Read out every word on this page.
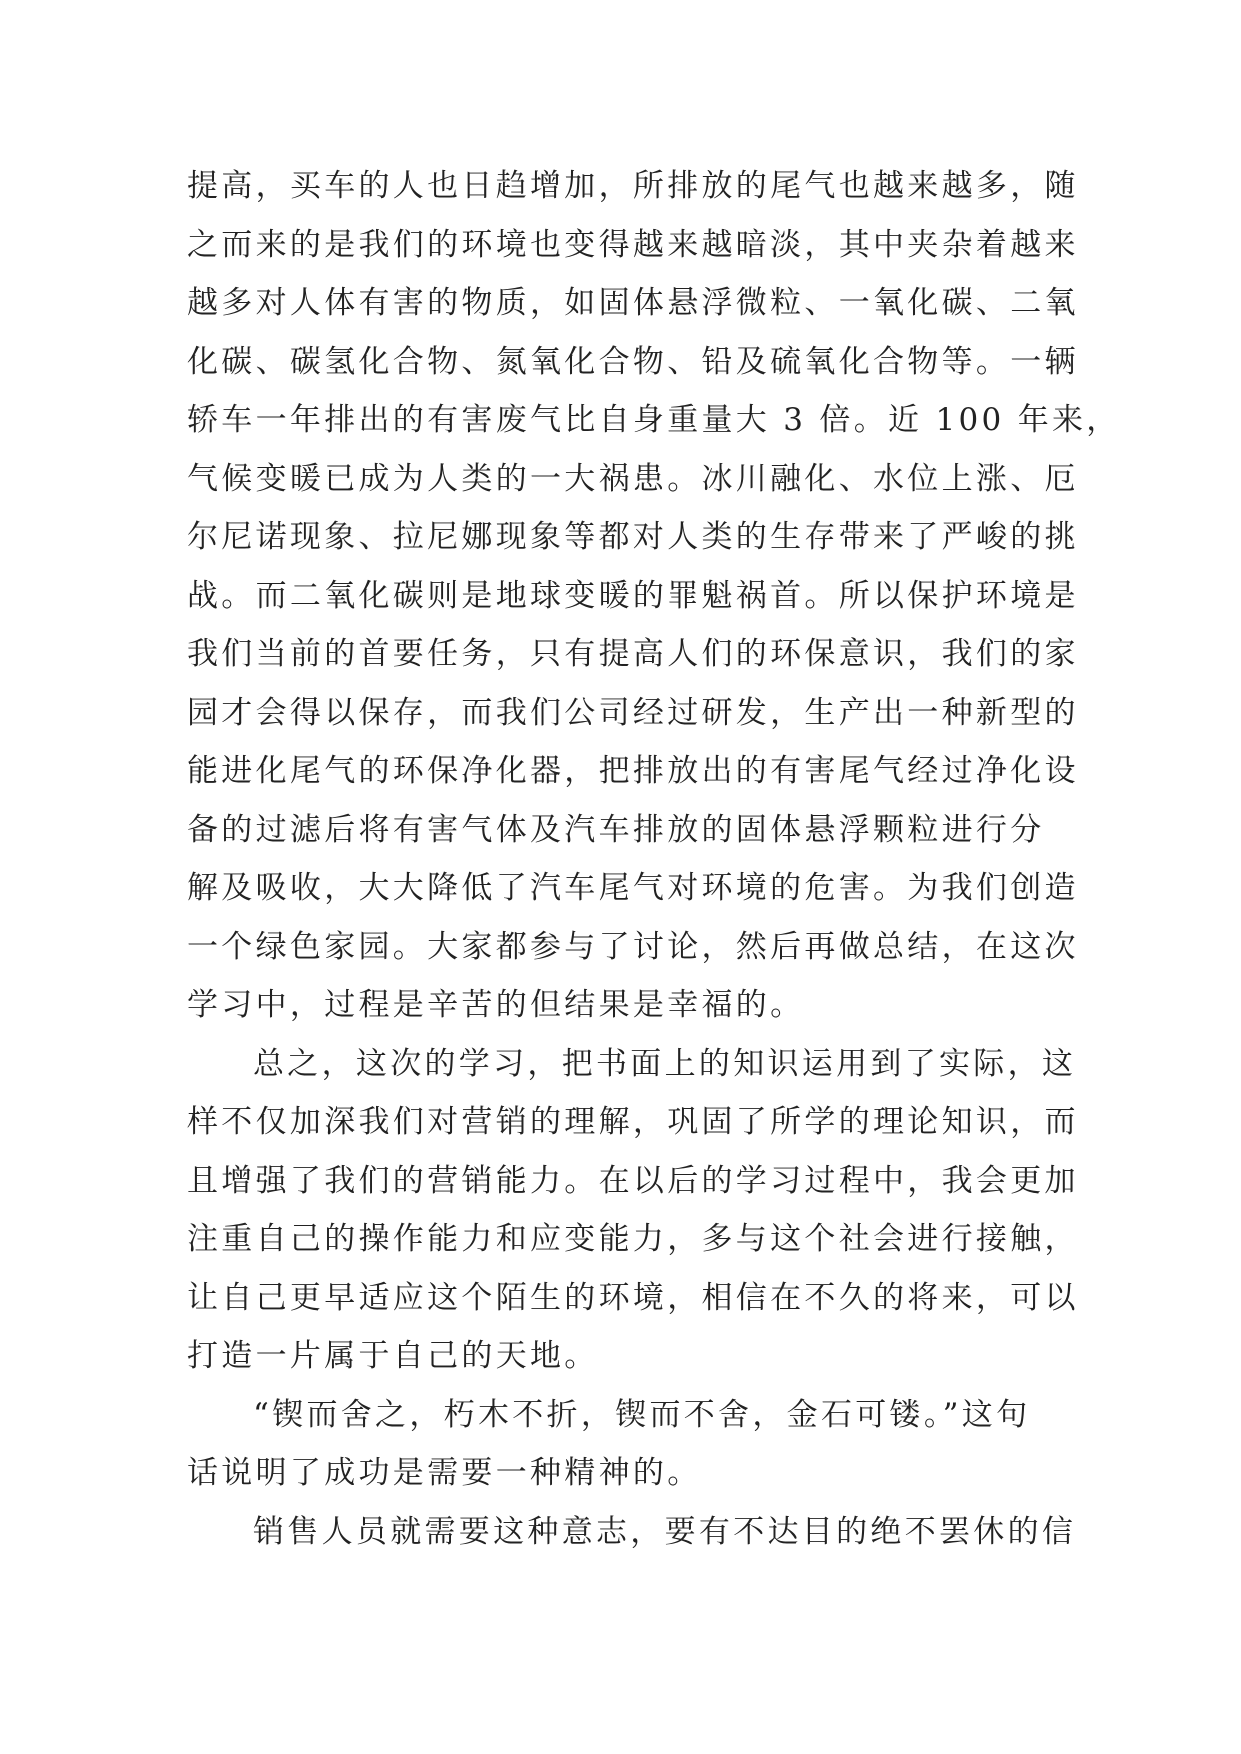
提高，买车的人也日趋增加，所排放的尾气也越来越多，随
之而来的是我们的环境也变得越来越暗淡，其中夹杂着越来
越多对人体有害的物质，如固体悬浮微粒、一氧化碳、二氧
化碳、碳氢化合物、氮氧化合物、铅及硫氧化合物等。一辆
轿车一年排出的有害废气比自身重量大 3 倍。近 100 年来，
气候变暖已成为人类的一大祸患。冰川融化、水位上涨、厄
尔尼诺现象、拉尼娜现象等都对人类的生存带来了严峻的挑
战。而二氧化碳则是地球变暖的罪魁祸首。所以保护环境是
我们当前的首要任务，只有提高人们的环保意识，我们的家
园才会得以保存，而我们公司经过研发，生产出一种新型的
能进化尾气的环保净化器，把排放出的有害尾气经过净化设
备的过滤后将有害气体及汽车排放的固体悬浮颗粒进行分
解及吸收，大大降低了汽车尾气对环境的危害。为我们创造
一个绿色家园。大家都参与了讨论，然后再做总结，在这次
学习中，过程是辛苦的但结果是幸福的。
总之，这次的学习，把书面上的知识运用到了实际，这
样不仅加深我们对营销的理解，巩固了所学的理论知识，而
且增强了我们的营销能力。在以后的学习过程中，我会更加
注重自己的操作能力和应变能力，多与这个社会进行接触，
让自己更早适应这个陌生的环境，相信在不久的将来，可以
打造一片属于自己的天地。
“锲而舍之，朽木不折，锲而不舍，金石可镂。”这句
话说明了成功是需要一种精神的。
销售人员就需要这种意志，要有不达目的绝不罢休的信
